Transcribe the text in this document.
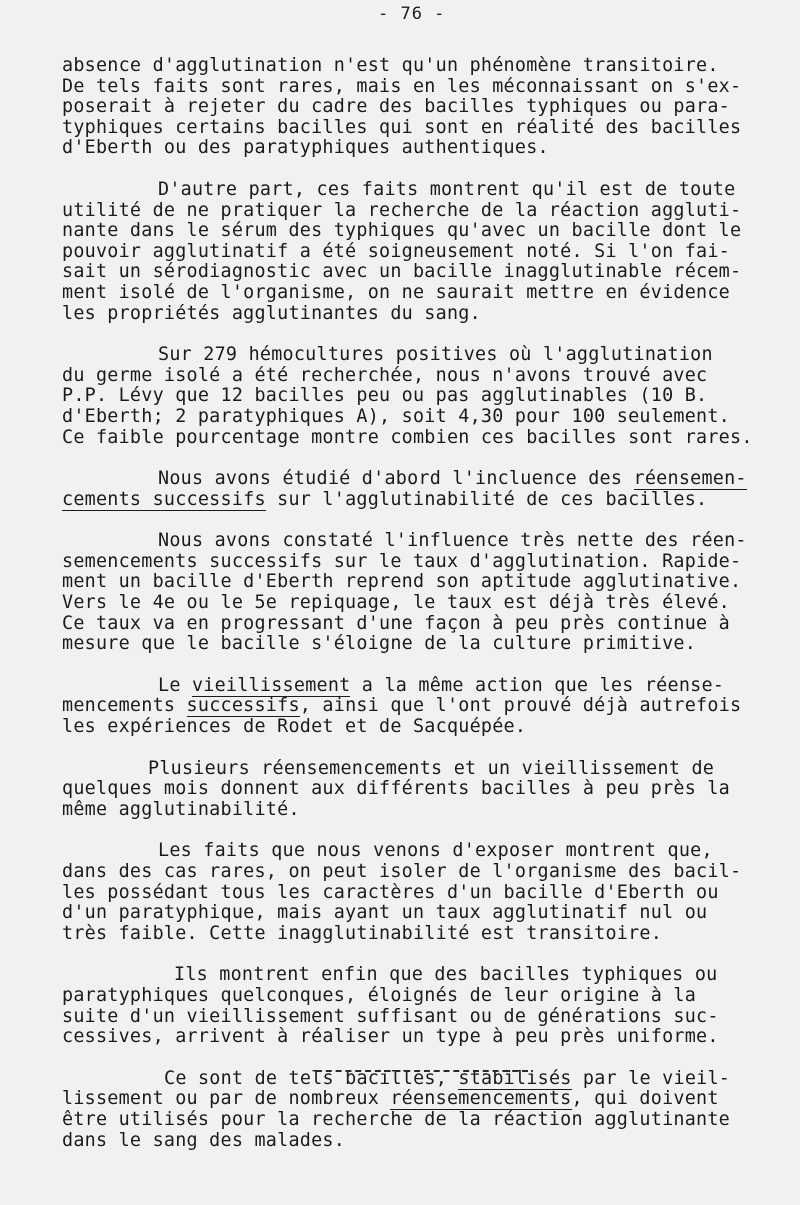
- 76 -
absence d'agglutination n'est qu'un phénomène transitoire.
De tels faits sont rares, mais en les méconnaissant on s'ex-
poserait à rejeter du cadre des bacilles typhiques ou para-
typhiques certains bacilles qui sont en réalité des bacilles
d'Eberth ou des paratyphiques authentiques.
D'autre part, ces faits montrent qu'il est de toute
utilité de ne pratiquer la recherche de la réaction aggluti-
nante dans le sérum des typhiques qu'avec un bacille dont le
pouvoir agglutinatif a été soigneusement noté. Si l'on fai-
sait un sérodiagnostic avec un bacille inagglutinable récem-
ment isolé de l'organisme, on ne saurait mettre en évidence
les propriétés agglutinantes du sang.
Sur 279 hémocultures positives où l'agglutination
du germe isolé a été recherchée, nous n'avons trouvé avec
P.P. Lévy que 12 bacilles peu ou pas agglutinables (10 B.
d'Eberth; 2 paratyphiques A), soit 4,30 pour 100 seulement.
Ce faible pourcentage montre combien ces bacilles sont rares.
Nous avons étudié d'abord l'incluence des réensemen-
cements successifs sur l'agglutinabilité de ces bacilles.
Nous avons constaté l'influence très nette des réen-
semencements successifs sur le taux d'agglutination. Rapide-
ment un bacille d'Eberth reprend son aptitude agglutinative.
Vers le 4e ou le 5e repiquage, le taux est déjà très élevé.
Ce taux va en progressant d'une façon à peu près continue à
mesure que le bacille s'éloigne de la culture primitive.
Le vieillissement a la même action que les réense-
mencements successifs, ainsi que l'ont prouvé déjà autrefois
les expériences de Rodet et de Sacquépée.
Plusieurs réensemencements et un vieillissement de
quelques mois donnent aux différents bacilles à peu près la
même agglutinabilité.
Les faits que nous venons d'exposer montrent que,
dans des cas rares, on peut isoler de l'organisme des bacil-
les possédant tous les caractères d'un bacille d'Eberth ou
d'un paratyphique, mais ayant un taux agglutinatif nul ou
très faible. Cette inagglutinabilité est transitoire.
Ils montrent enfin que des bacilles typhiques ou
paratyphiques quelconques, éloignés de leur origine à la
suite d'un vieillissement suffisant ou de générations suc-
cessives, arrivent à réaliser un type à peu près uniforme.
Ce sont de tels bacilles, stabilisés par le vieil-
lissement ou par de nombreux réensemencements, qui doivent
être utilisés pour la recherche de la réaction agglutinante
dans le sang des malades.
